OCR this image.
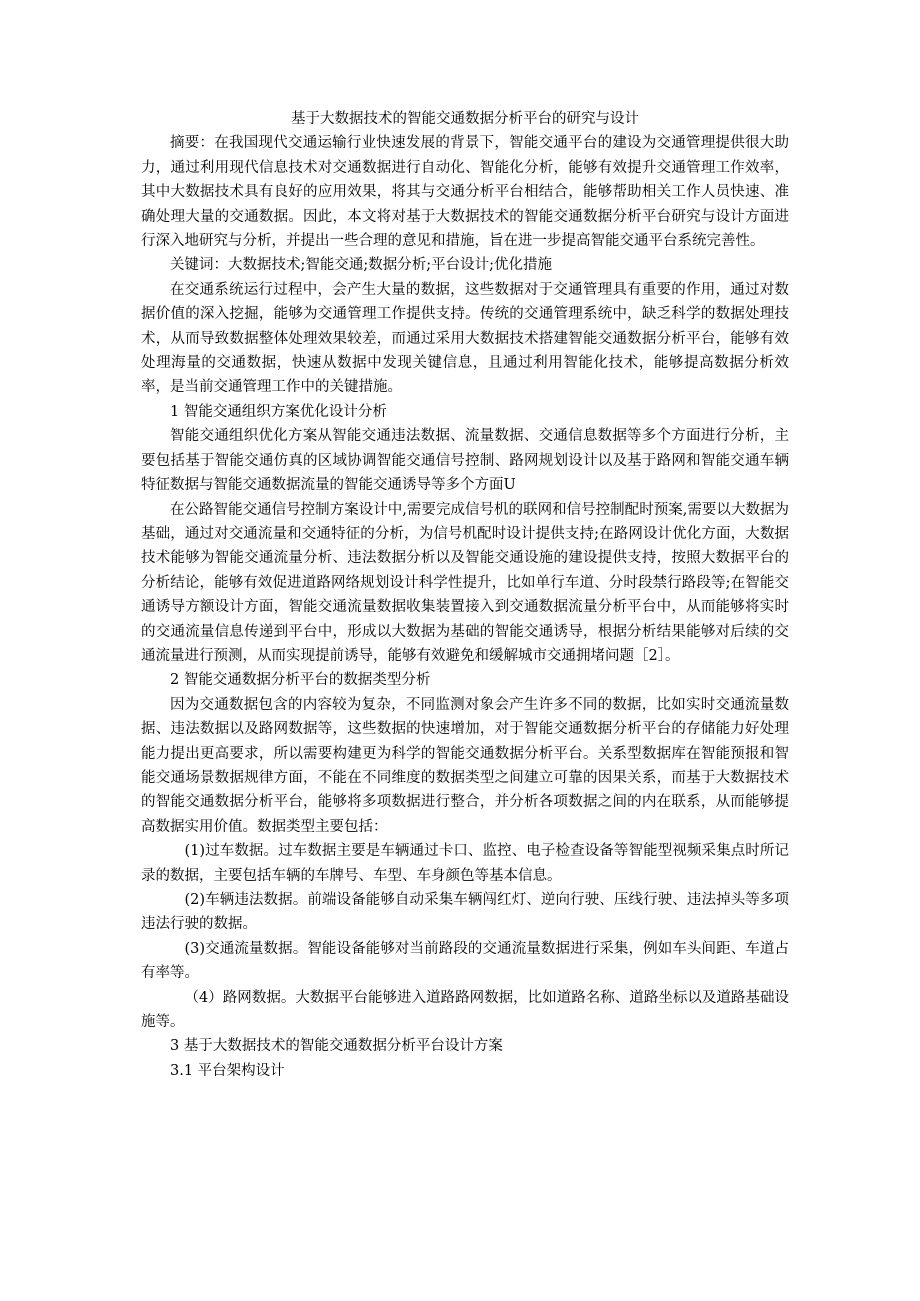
基于大数据技术的智能交通数据分析平台的研究与设计

摘要：在我国现代交通运输行业快速发展的背景下，智能交通平台的建设为交通管理提供很大助力，通过利用现代信息技术对交通数据进行自动化、智能化分析，能够有效提升交通管理工作效率，其中大数据技术具有良好的应用效果，将其与交通分析平台相结合，能够帮助相关工作人员快速、准确处理大量的交通数据。因此，本文将对基于大数据技术的智能交通数据分析平台研究与设计方面进行深入地研究与分析，并提出一些合理的意见和措施，旨在进一步提高智能交通平台系统完善性。

关键词：大数据技术;智能交通;数据分析;平台设计;优化措施

在交通系统运行过程中，会产生大量的数据，这些数据对于交通管理具有重要的作用，通过对数据价值的深入挖掘，能够为交通管理工作提供支持。传统的交通管理系统中，缺乏科学的数据处理技术，从而导致数据整体处理效果较差，而通过采用大数据技术搭建智能交通数据分析平台，能够有效处理海量的交通数据，快速从数据中发现关键信息，且通过利用智能化技术，能够提高数据分析效率，是当前交通管理工作中的关键措施。

1 智能交通组织方案优化设计分析

智能交通组织优化方案从智能交通违法数据、流量数据、交通信息数据等多个方面进行分析，主要包括基于智能交通仿真的区域协调智能交通信号控制、路网规划设计以及基于路网和智能交通车辆特征数据与智能交通数据流量的智能交通诱导等多个方面U

在公路智能交通信号控制方案设计中,需要完成信号机的联网和信号控制配时预案,需要以大数据为基础，通过对交通流量和交通特征的分析，为信号机配时设计提供支持;在路网设计优化方面，大数据技术能够为智能交通流量分析、违法数据分析以及智能交通设施的建设提供支持，按照大数据平台的分析结论，能够有效促进道路网络规划设计科学性提升，比如单行车道、分时段禁行路段等;在智能交通诱导方额设计方面，智能交通流量数据收集装置接入到交通数据流量分析平台中，从而能够将实时的交通流量信息传递到平台中，形成以大数据为基础的智能交通诱导，根据分析结果能够对后续的交通流量进行预测，从而实现提前诱导，能够有效避免和缓解城市交通拥堵问题［2］。

2 智能交通数据分析平台的数据类型分析

因为交通数据包含的内容较为复杂，不同监测对象会产生许多不同的数据，比如实时交通流量数据、违法数据以及路网数据等，这些数据的快速增加，对于智能交通数据分析平台的存储能力好处理能力提出更高要求，所以需要构建更为科学的智能交通数据分析平台。关系型数据库在智能预报和智能交通场景数据规律方面，不能在不同维度的数据类型之间建立可靠的因果关系，而基于大数据技术的智能交通数据分析平台，能够将多项数据进行整合，并分析各项数据之间的内在联系，从而能够提高数据实用价值。数据类型主要包括：

(1)过车数据。过车数据主要是车辆通过卡口、监控、电子检查设备等智能型视频采集点时所记录的数据，主要包括车辆的车牌号、车型、车身颜色等基本信息。

(2)车辆违法数据。前端设备能够自动采集车辆闯红灯、逆向行驶、压线行驶、违法掉头等多项违法行驶的数据。

(3)交通流量数据。智能设备能够对当前路段的交通流量数据进行采集，例如车头间距、车道占有率等。

（4）路网数据。大数据平台能够进入道路路网数据，比如道路名称、道路坐标以及道路基础设施等。

3 基于大数据技术的智能交通数据分析平台设计方案

3.1 平台架构设计
